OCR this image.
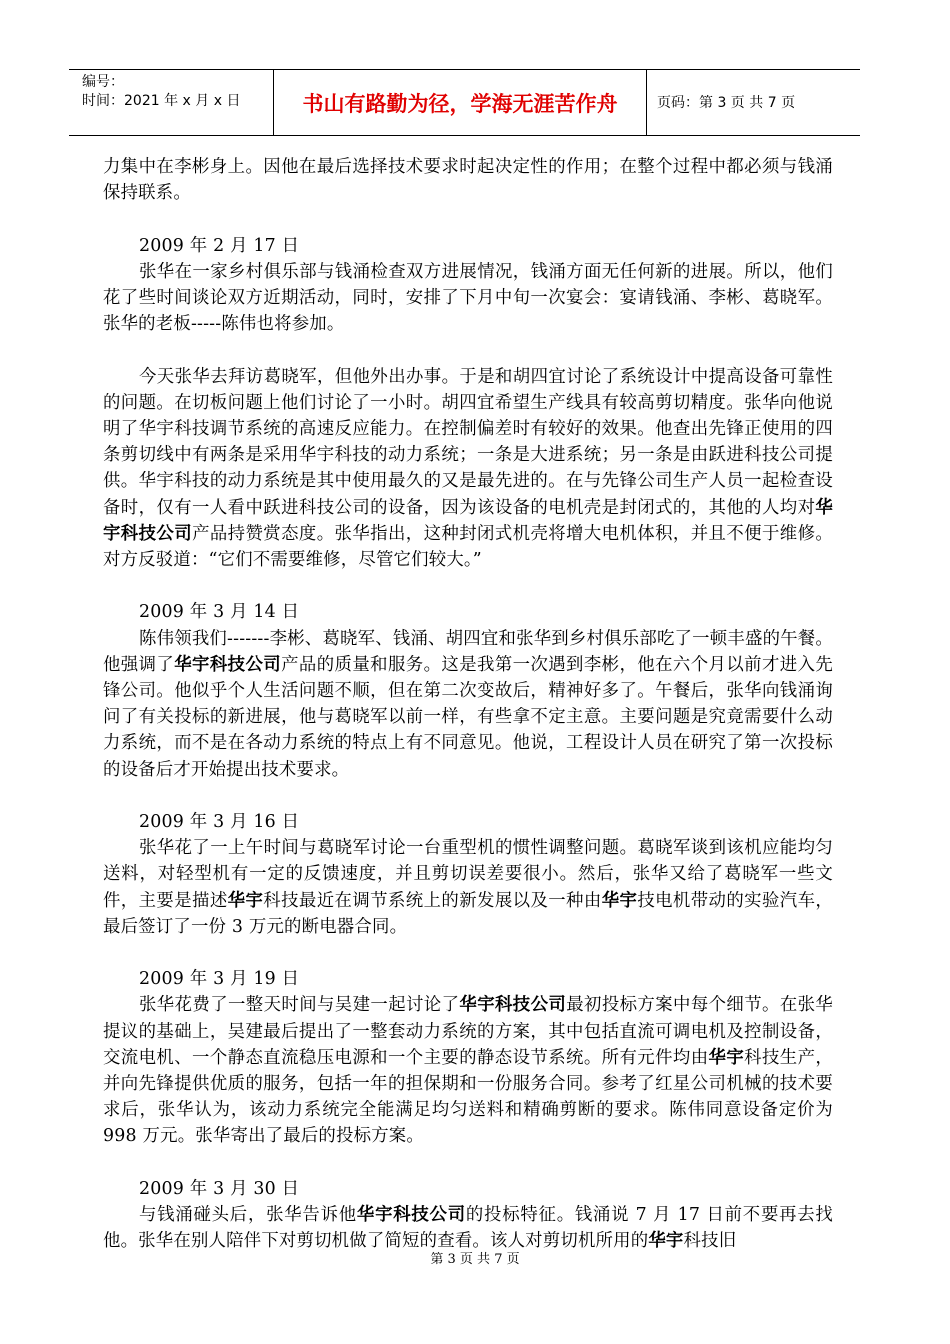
编号：
时间：2021 年 x 月 x 日	书山有路勤为径，学海无涯苦作舟	页码：第 3 页 共 7 页

力集中在李彬身上。因他在最后选择技术要求时起决定性的作用；在整个过程中都必须与钱涌保持联系。

2009 年 2 月 17 日

张华在一家乡村俱乐部与钱涌检查双方进展情况，钱涌方面无任何新的进展。所以，他们花了些时间谈论双方近期活动，同时，安排了下月中旬一次宴会：宴请钱涌、李彬、葛晓军。张华的老板-----陈伟也将参加。

今天张华去拜访葛晓军，但他外出办事。于是和胡四宜讨论了系统设计中提高设备可靠性的问题。在切板问题上他们讨论了一小时。胡四宜希望生产线具有较高剪切精度。张华向他说明了华宇科技调节系统的高速反应能力。在控制偏差时有较好的效果。他查出先锋正使用的四条剪切线中有两条是采用华宇科技的动力系统；一条是大进系统；另一条是由跃进科技公司提供。华宇科技的动力系统是其中使用最久的又是最先进的。在与先锋公司生产人员一起检查设备时，仅有一人看中跃进科技公司的设备，因为该设备的电机壳是封闭式的，其他的人均对华宇科技公司产品持赞赏态度。张华指出，这种封闭式机壳将增大电机体积，并且不便于维修。对方反驳道：“它们不需要维修，尽管它们较大。”

2009 年 3 月 14 日

陈伟领我们-------李彬、葛晓军、钱涌、胡四宜和张华到乡村俱乐部吃了一顿丰盛的午餐。他强调了华宇科技公司产品的质量和服务。这是我第一次遇到李彬，他在六个月以前才进入先锋公司。他似乎个人生活问题不顺，但在第二次变故后，精神好多了。午餐后，张华向钱涌询问了有关投标的新进展，他与葛晓军以前一样，有些拿不定主意。主要问题是究竟需要什么动力系统，而不是在各动力系统的特点上有不同意见。他说，工程设计人员在研究了第一次投标的设备后才开始提出技术要求。

2009 年 3 月 16 日

张华花了一上午时间与葛晓军讨论一台重型机的惯性调整问题。葛晓军谈到该机应能均匀送料，对轻型机有一定的反馈速度，并且剪切误差要很小。然后，张华又给了葛晓军一些文件，主要是描述华宇科技最近在调节系统上的新发展以及一种由华宇技电机带动的实验汽车，最后签订了一份 3 万元的断电器合同。

2009 年 3 月 19 日

张华花费了一整天时间与吴建一起讨论了华宇科技公司最初投标方案中每个细节。在张华提议的基础上，吴建最后提出了一整套动力系统的方案，其中包括直流可调电机及控制设备，交流电机、一个静态直流稳压电源和一个主要的静态设节系统。所有元件均由华宇科技生产，并向先锋提供优质的服务，包括一年的担保期和一份服务合同。参考了红星公司机械的技术要求后，张华认为，该动力系统完全能满足均匀送料和精确剪断的要求。陈伟同意设备定价为 998 万元。张华寄出了最后的投标方案。

2009 年 3 月 30 日

与钱涌碰头后，张华告诉他华宇科技公司的投标特征。钱涌说 7 月 17 日前不要再去找他。张华在别人陪伴下对剪切机做了简短的查看。该人对剪切机所用的华宇科技旧

第 3 页 共 7 页
